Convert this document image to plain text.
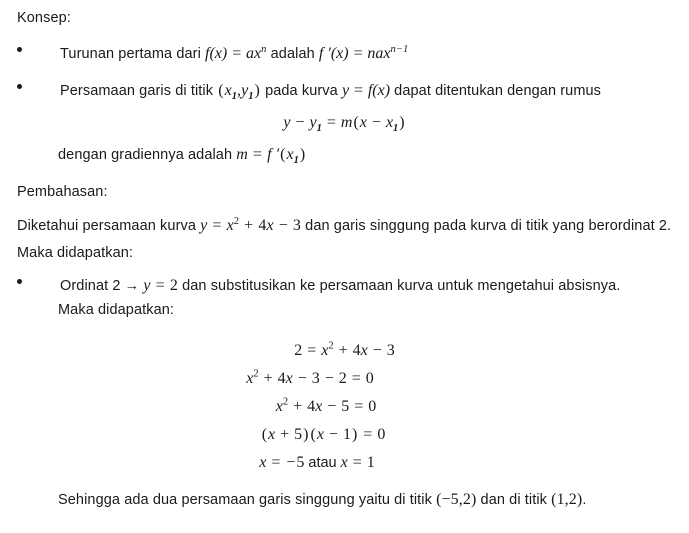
Konsep:
Turunan pertama dari $f(x) = ax^n$ adalah f ′(x) = nax$^{n-1}$
Persamaan garis di titik $(x_1,y_1)$ pada kurva y = f(x) dapat ditentukan dengan rumus
$y - y_1 = m(x - x_1)$
dengan gradiennya adalah m = f $'(x_1)$
Pembahasan:
Diketahui persamaan kurva $y = x^2 + 4x - 3$ dan garis singgung pada kurva di titik yang berordinat 2. Maka didapatkan:
Ordinat 2 → y = 2 dan substitusikan ke persamaan kurva untuk mengetahui absisnya.
Maka didapatkan:
$2 = x^2 + 4x - 3$
$x^2 + 4x - 3 - 2 = 0$
$x^2 + 4x - 5 = 0$
(x + 5) (x − 1) = 0
x = −5 atau x = 1
Sehingga ada dua persamaan garis singgung yaitu di titik (−5,2) dan di titik (1,2).
